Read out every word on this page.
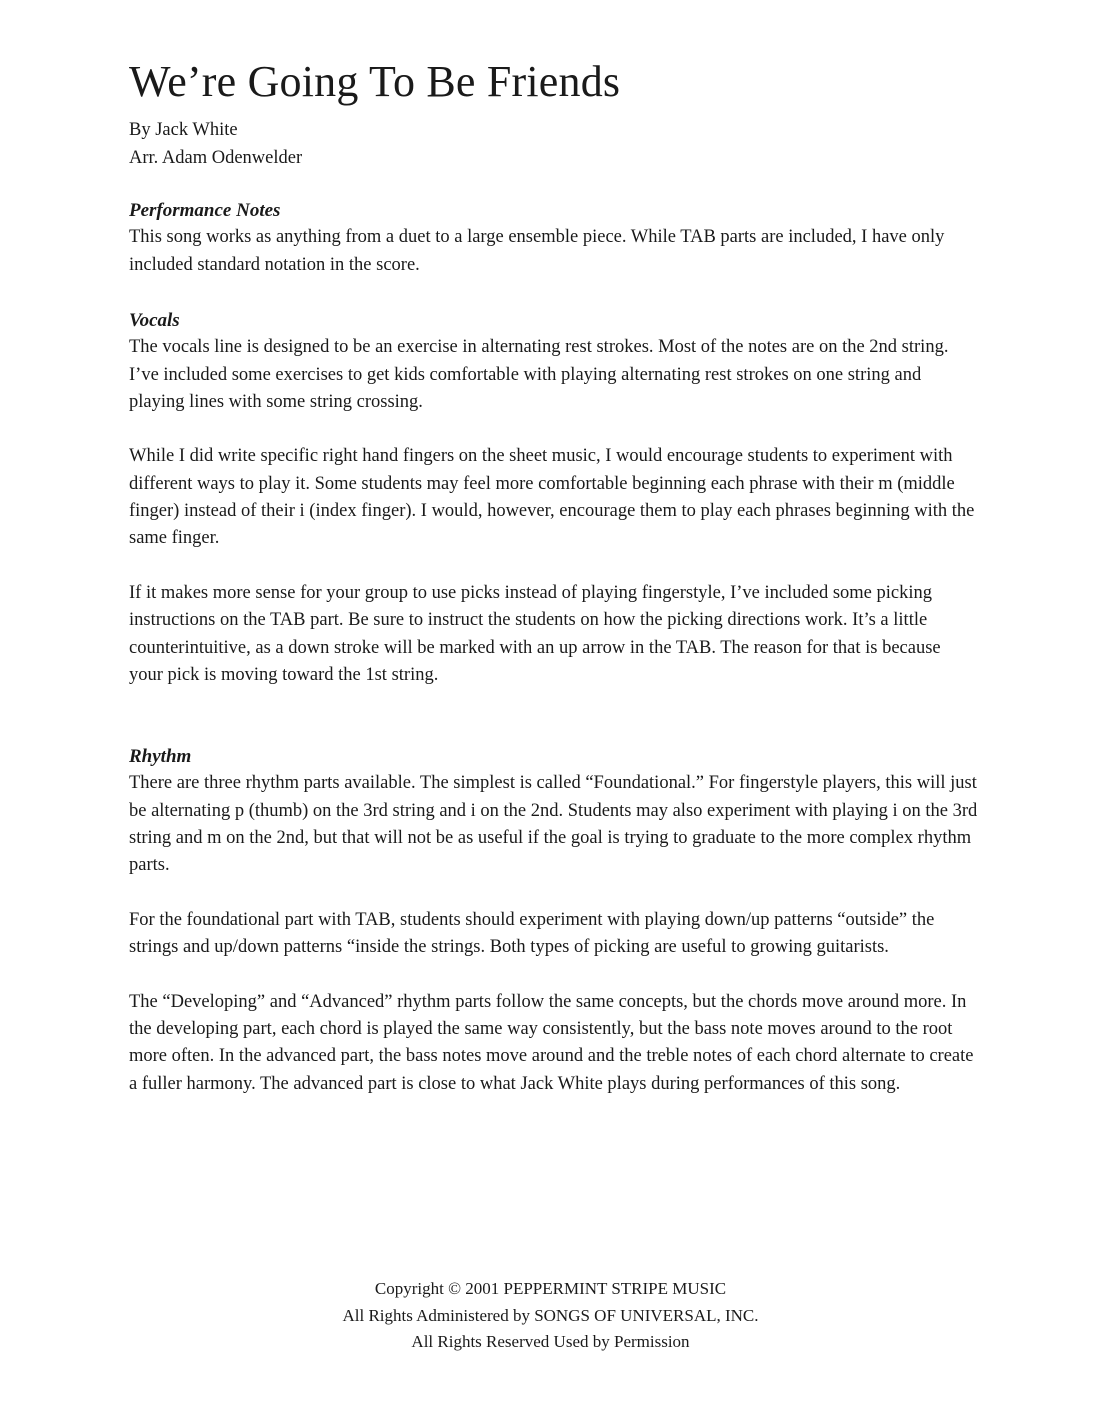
We’re Going To Be Friends
By Jack White
Arr. Adam Odenwelder
Performance Notes

This song works as anything from a duet to a large ensemble piece. While TAB parts are included, I have only included standard notation in the score.

Vocals

The vocals line is designed to be an exercise in alternating rest strokes. Most of the notes are on the 2nd string. I’ve included some exercises to get kids comfortable with playing alternating rest strokes on one string and playing lines with some string crossing.

While I did write specific right hand fingers on the sheet music, I would encourage students to experiment with different ways to play it. Some students may feel more comfortable beginning each phrase with their m (middle finger) instead of their i (index finger). I would, however, encourage them to play each phrases beginning with the same finger.

If it makes more sense for your group to use picks instead of playing fingerstyle, I’ve included some picking instructions on the TAB part. Be sure to instruct the students on how the picking directions work. It’s a little counterintuitive, as a down stroke will be marked with an up arrow in the TAB. The reason for that is because your pick is moving toward the 1st string.

Rhythm

There are three rhythm parts available. The simplest is called “Foundational.” For fingerstyle players, this will just be alternating p (thumb) on the 3rd string and i on the 2nd. Students may also experiment with playing i on the 3rd string and m on the 2nd, but that will not be as useful if the goal is trying to graduate to the more complex rhythm parts.

For the foundational part with TAB, students should experiment with playing down/up patterns “outside” the strings and up/down patterns “inside the strings. Both types of picking are useful to growing guitarists.

The “Developing” and “Advanced” rhythm parts follow the same concepts, but the chords move around more. In the developing part, each chord is played the same way consistently, but the bass note moves around to the root more often. In the advanced part, the bass notes move around and the treble notes of each chord alternate to create a fuller harmony. The advanced part is close to what Jack White plays during performances of this song.

Copyright © 2001 PEPPERMINT STRIPE MUSIC
All Rights Administered by SONGS OF UNIVERSAL, INC.
All Rights Reserved Used by Permission
